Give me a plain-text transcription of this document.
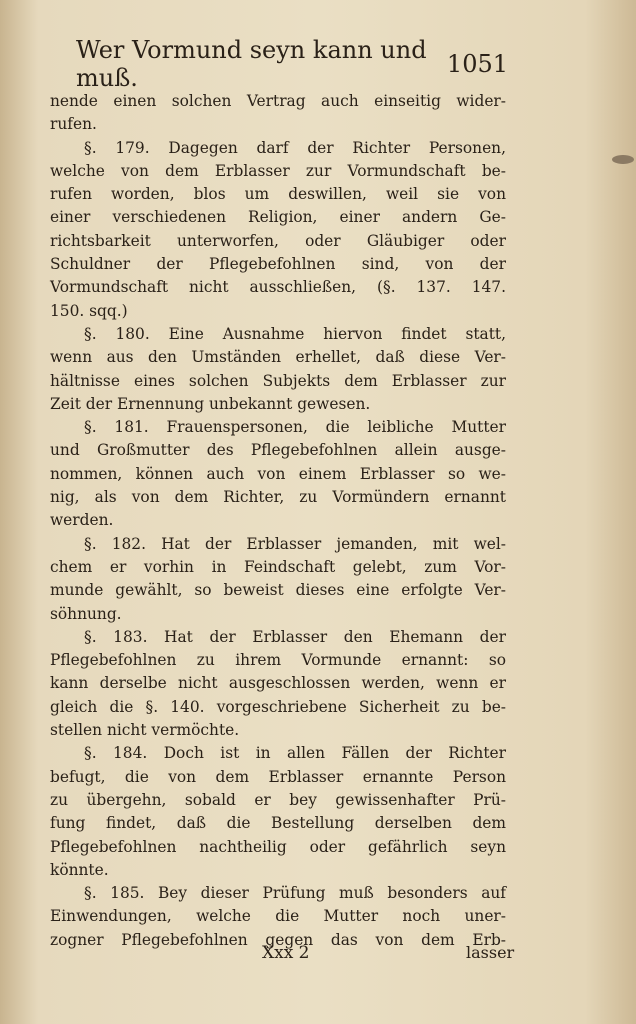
Wer Vormund seyn kann und muß.	1051
nende einen solchen Vertrag auch einseitig wider-
rufen.
§. 179. Dagegen darf der Richter Personen,
welche von dem Erblasser zur Vormundschaft be-
rufen worden, blos um deswillen, weil sie von
einer verschiedenen Religion, einer andern Ge-
richtsbarkeit unterworfen, oder Gläubiger oder
Schuldner der Pflegebefohlnen sind, von der
Vormundschaft nicht ausschließen, (§. 137. 147.
150. sqq.)
§. 180. Eine Ausnahme hiervon findet statt,
wenn aus den Umständen erhellet, daß diese Ver-
hältnisse eines solchen Subjekts dem Erblasser zur
Zeit der Ernennung unbekannt gewesen.
§. 181. Frauenspersonen, die leibliche Mutter
und Großmutter des Pflegebefohlnen allein ausge-
nommen, können auch von einem Erblasser so we-
nig, als von dem Richter, zu Vormündern ernannt
werden.
§. 182. Hat der Erblasser jemanden, mit wel-
chem er vorhin in Feindschaft gelebt, zum Vor-
munde gewählt, so beweist dieses eine erfolgte Ver-
söhnung.
§. 183. Hat der Erblasser den Ehemann der
Pflegebefohlnen zu ihrem Vormunde ernannt: so
kann derselbe nicht ausgeschlossen werden, wenn er
gleich die §. 140. vorgeschriebene Sicherheit zu be-
stellen nicht vermöchte.
§. 184. Doch ist in allen Fällen der Richter
befugt, die von dem Erblasser ernannte Person
zu übergehn, sobald er bey gewissenhafter Prü-
fung findet, daß die Bestellung derselben dem
Pflegebefohlnen nachtheilig oder gefährlich seyn
könnte.
§. 185. Bey dieser Prüfung muß besonders auf
Einwendungen, welche die Mutter noch uner-
zogner Pflegebefohlnen gegen das von dem Erb-
Xxx 2	lasser
